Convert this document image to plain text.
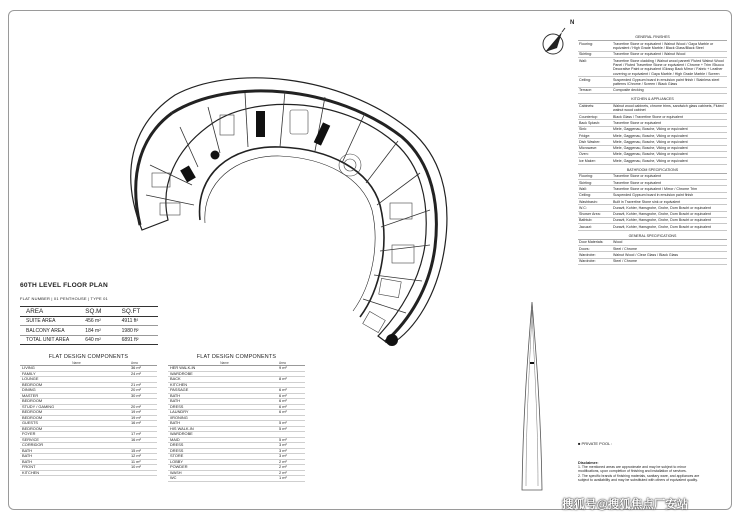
N
GENERAL FINISHES
Flooring:	Travertine Stone or equivalent / Walnut Wood / Gaya Marble or equivalent / High Grade Marble / Black Glass/Black Steel
Skirting:	Travertine Stone or equivalent / Walnut Wood
Wall:	Travertine Stone cladding / Walnut wood paneel/ Fluted Walnut Wood Panel / Fluted Travertine Stone or equivalent / Chrome + Trim /Stucco Decorative Paint or equivalent /Glossy Back Mirror / Fabric + Leather covering or equivalent / Gaya Marble / High Grade Marble / Screen
Ceiling:	Suspended Gypsum board in emulsion paint finish / Stainless steel patterns /Chrome / Screen / Black Glass
Terrace:	Composite decking
KITCHEN & APPLIANCES
Cabinets:	Walnut wood cabinets, chrome trims, sandwich glass cabinets, Fluted walnut wood cabinet
Countertop:	Black Glass / Travertine Stone or equivalent
Back Splash:	Travertine Stone or equivalent
Sink:	Miele, Gaggenau, Bosche, Viking or equivalent
Fridge:	Miele, Gaggenau, Bosche, Viking or equivalent
Dish Washer:	Miele, Gaggenau, Bosche, Viking or equivalent
Microwave:	Miele, Gaggenau, Bosche, Viking or equivalent
Oven:	Miele, Gaggenau, Bosche, Viking or equivalent
Ice Maker:	Miele, Gaggenau, Bosche, Viking or equivalent
BATHROOM SPECIFICATIONS
Flooring:	Travertine Stone or equivalent
Skirting:	Travertine Stone or equivalent
Wall:	Travertine Stone or equivalent / Mirror / Chrome Trim
Ceiling:	Suspended Gypsum board in emulsion paint finish
Washbasin:	Built in Travertine Stone sink or equivalent
W.C:	Duravit, Kohler, Hansgrohe, Grohe, Dorn Bracht or equivalent
Shower Area:	Duravit, Kohler, Hansgrohe, Grohe, Dorn Bracht or equivalent
Bathtub:	Duravit, Kohler, Hansgrohe, Grohe, Dorn Bracht or equivalent
Jacuzzi:	Duravit, Kohler, Hansgrohe, Grohe, Dorn Bracht or equivalent
GENERAL SPECIFICATIONS
Door Materials:	Wood
Doors:	Steel / Chrome
Wardrobe:	Walnut Wood / Clear Glass / Black Glass
Wardrobe:	Steel / Chrome
60TH LEVEL FLOOR PLAN
FLAT NUMBER | 01 PENTHOUSE | TYPE 01
AREA	SQ.M	SQ.FT
SUITE AREA	456 m²	4911 ft²
BALCONY AREA	184 m²	1980 ft²
TOTAL UNIT AREA	640 m²	6891 ft²
FLAT DESIGN COMPONENTS
Name	Area
LIVING	36 m²
FAMILY	24 m²
LOUNGE
BEDROOM	21 m²
DINING	20 m²
MASTER	30 m²
BEDROOM
STUDY / GAMING	20 m²
BEDROOM	19 m²
BEDROOM	19 m²
GUESTS	16 m²
BEDROOM
FOYER	17 m²
SERVICE	16 m²
CORRIDOR
BATH	15 m²
BATH	12 m²
BATH	11 m²
FRONT	10 m²
KITCHEN
FLAT DESIGN COMPONENTS
Name	Area
HER WALK-IN	9 m²
WARDROBE
BACK	8 m²
KITCHEN
PASSAGE	6 m²
BATH	6 m²
BATH	6 m²
DRESS	6 m²
LAUNDRY	6 m²
/IRONING
BATH	5 m²
HIS WALK-IN	5 m²
WARDROBE
MAID	5 m²
DRESS	3 m²
DRESS	3 m²
STORE	3 m²
LOBBY	2 m²
POWDER	2 m²
WASH	2 m²
WC	1 m²
■ PRIVATE POOL :
Disclaimer:
1. The mentioned areas are approximate and may be subject to minor
modifications, upon completion of finishing and installation of services.
2. The specific brands of finishing materials, sanitary ware, and appliances are
subject to availability and may be substituted with others of equivalent quality.
搜狐号@搜狐焦点厂安站
